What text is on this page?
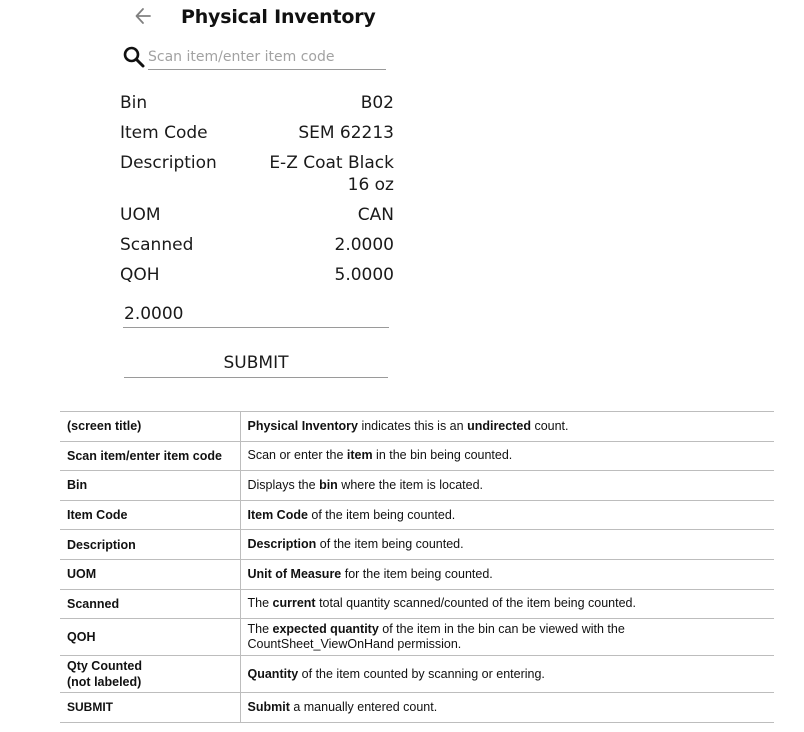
Physical Inventory
Scan item/enter item code
Bin	B02
Item Code	SEM 62213
Description	E-Z Coat Black
16 oz
UOM	CAN
Scanned	2.0000
QOH	5.0000
2.0000
SUBMIT
(screen title)	Physical Inventory indicates this is an undirected count.
Scan item/enter item code	Scan or enter the item in the bin being counted.
Bin	Displays the bin where the item is located.
Item Code	Item Code of the item being counted.
Description	Description of the item being counted.
UOM	Unit of Measure for the item being counted.
Scanned	The current total quantity scanned/counted of the item being counted.
QOH	The expected quantity of the item in the bin can be viewed with the
CountSheet_ViewOnHand permission.
Qty Counted
(not labeled)	Quantity of the item counted by scanning or entering.
SUBMIT	Submit a manually entered count.
